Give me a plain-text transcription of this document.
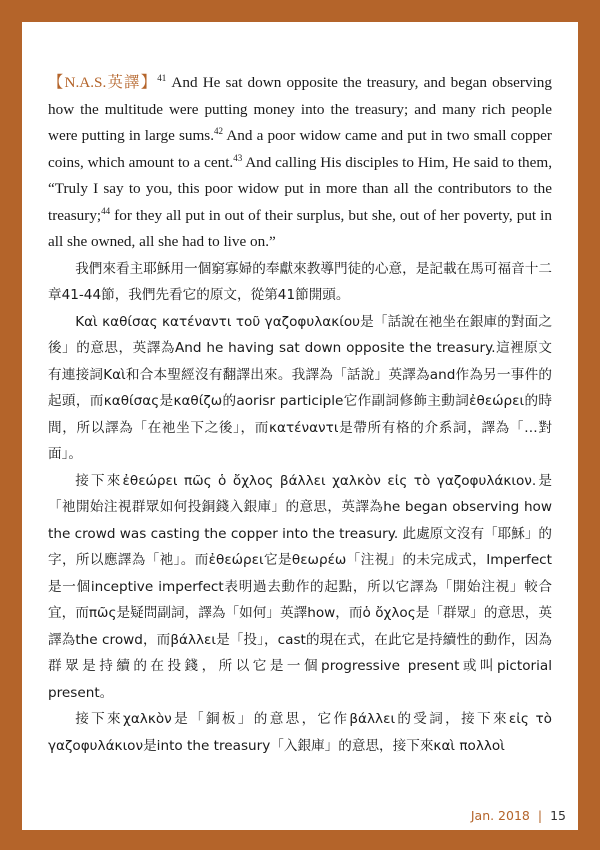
【N.A.S.英譯】$^{41}$ And He sat down opposite the treasury, and began observing how the multitude were putting money into the treasury; and many rich people were putting in large sums.$^{42}$ And a poor widow came and put in two small copper coins, which amount to a cent.$^{43}$ And calling His disciples to Him, He said to them, “Truly I say to you, this poor widow put in more than all the contributors to the treasury;$^{44}$ for they all put in out of their surplus, but she, out of her poverty, put in all she owned, all she had to live on.”

我們來看主耶穌用一個窮寡婦的奉獻來教導門徒的心意，是記載在馬可福音十二章41-44節，我們先看它的原文，從第41節開頭。

Καὶ καθίσας κατέναντι τοῦ γαζοφυλακίου是「話說在祂坐在銀庫的對面之後」的意思，英譯為And he having sat down opposite the treasury.這裡原文有連接詞Καὶ和合本聖經沒有翻譯出來。我譯為「話說」英譯為and作為另一事件的起頭，而καθίσας是καθίζω的aorisr participle它作副詞修飾主動詞ἐθεώρει的時間，所以譯為「在祂坐下之後」，而κατέναντι是帶所有格的介系詞，譯為「…對面」。

接下來ἐθεώρει πῶς ὁ ὄχλος βάλλει χαλκὸν εἰς τὸ γαζοφυλάκιον.是「祂開始注視群眾如何投銅錢入銀庫」的意思，英譯為he began observing how the crowd was casting the copper into the treasury. 此處原文沒有「耶穌」的字，所以應譯為「祂」。而ἐθεώρει它是θεωρέω「注視」的未完成式，Imperfect是一個inceptive imperfect表明過去動作的起點，所以它譯為「開始注視」較合宜，而πῶς是疑問副詞，譯為「如何」英譯how，而ὁ ὄχλος是「群眾」的意思，英譯為the crowd，而βάλλει是「投」，cast的現在式，在此它是持續性的動作，因為群眾是持續的在投錢，所以它是一個progressive present或叫pictorial present。

接下來χαλκὸν是「銅板」的意思，它作βάλλει的受詞，接下來εἰς τὸ γαζοφυλάκιον是into the treasury「入銀庫」的意思，接下來καὶ πολλοὶ

Jan. 2018 | 15
